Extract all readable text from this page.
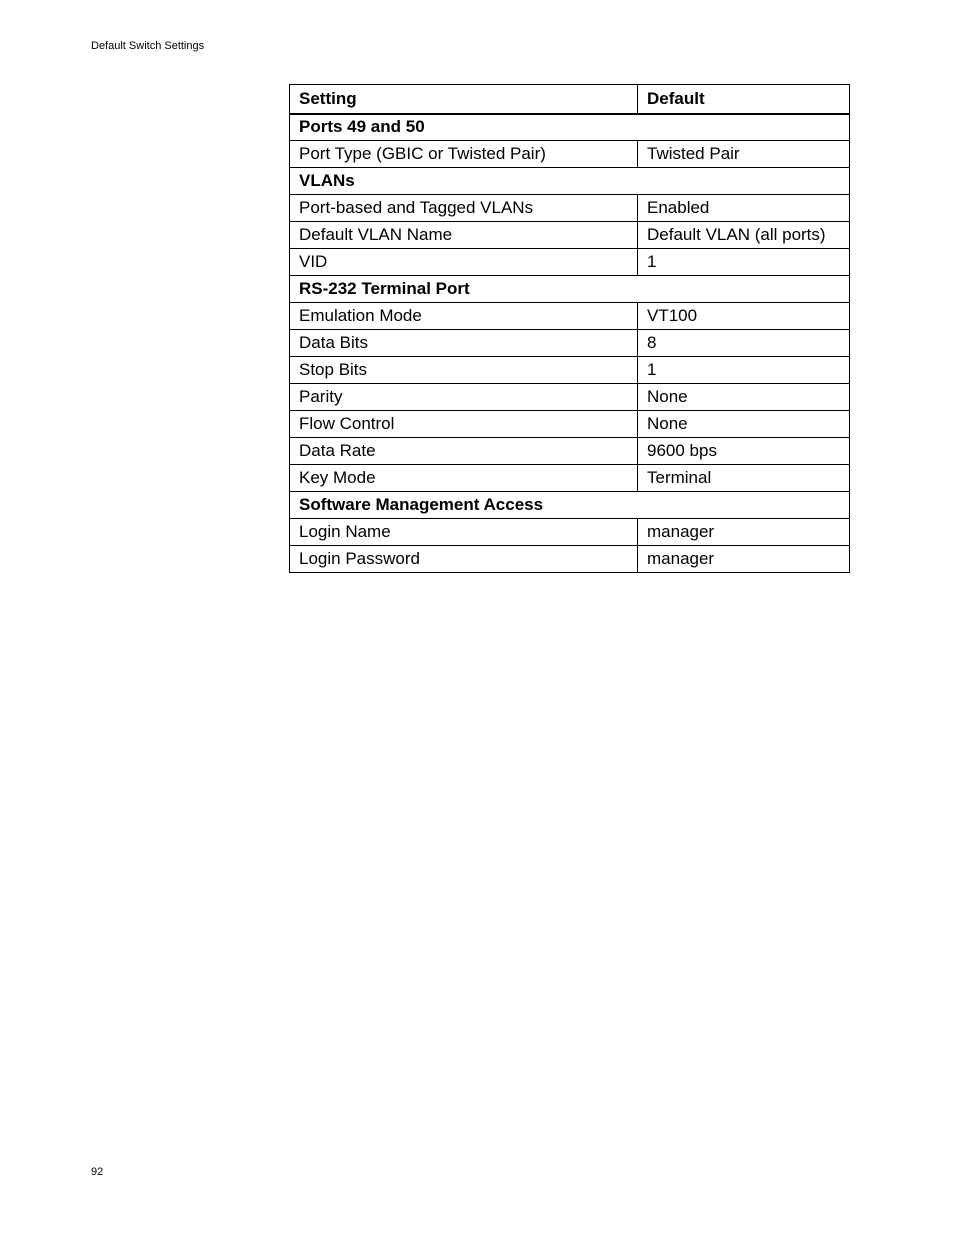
Default Switch Settings
Setting	Default
Ports 49 and 50	
Port Type (GBIC or Twisted Pair)	Twisted Pair
VLANs	
Port-based and Tagged VLANs	Enabled
Default VLAN Name	Default VLAN (all ports)
VID	1
RS-232 Terminal Port	
Emulation Mode	VT100
Data Bits	8
Stop Bits	1
Parity	None
Flow Control	None
Data Rate	9600 bps
Key Mode	Terminal
Software Management Access	
Login Name	manager
Login Password	manager
92
